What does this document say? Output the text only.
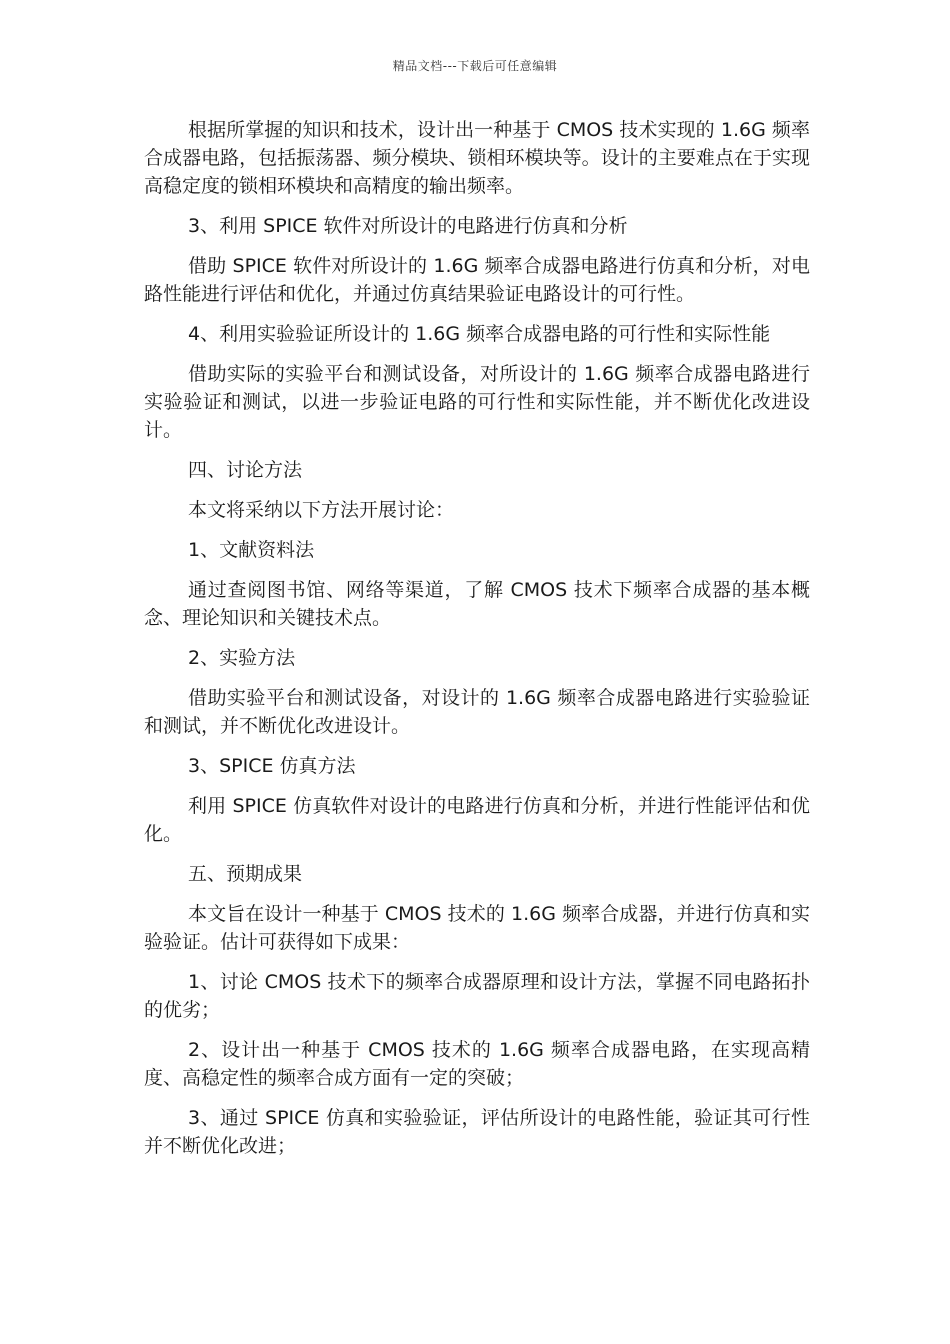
精品文档---下载后可任意编辑

根据所掌握的知识和技术，设计出一种基于 CMOS 技术实现的 1.6G 频率合成器电路，包括振荡器、频分模块、锁相环模块等。设计的主要难点在于实现高稳定度的锁相环模块和高精度的输出频率。

3、利用 SPICE 软件对所设计的电路进行仿真和分析

借助 SPICE 软件对所设计的 1.6G 频率合成器电路进行仿真和分析，对电路性能进行评估和优化，并通过仿真结果验证电路设计的可行性。

4、利用实验验证所设计的 1.6G 频率合成器电路的可行性和实际性能

借助实际的实验平台和测试设备，对所设计的 1.6G 频率合成器电路进行实验验证和测试，以进一步验证电路的可行性和实际性能，并不断优化改进设计。

四、讨论方法

本文将采纳以下方法开展讨论：

1、文献资料法

通过查阅图书馆、网络等渠道，了解 CMOS 技术下频率合成器的基本概念、理论知识和关键技术点。

2、实验方法

借助实验平台和测试设备，对设计的 1.6G 频率合成器电路进行实验验证和测试，并不断优化改进设计。

3、SPICE 仿真方法

利用 SPICE 仿真软件对设计的电路进行仿真和分析，并进行性能评估和优化。

五、预期成果

本文旨在设计一种基于 CMOS 技术的 1.6G 频率合成器，并进行仿真和实验验证。估计可获得如下成果：

1、讨论 CMOS 技术下的频率合成器原理和设计方法，掌握不同电路拓扑的优劣；

2、设计出一种基于 CMOS 技术的 1.6G 频率合成器电路，在实现高精度、高稳定性的频率合成方面有一定的突破；

3、通过 SPICE 仿真和实验验证，评估所设计的电路性能，验证其可行性并不断优化改进；
